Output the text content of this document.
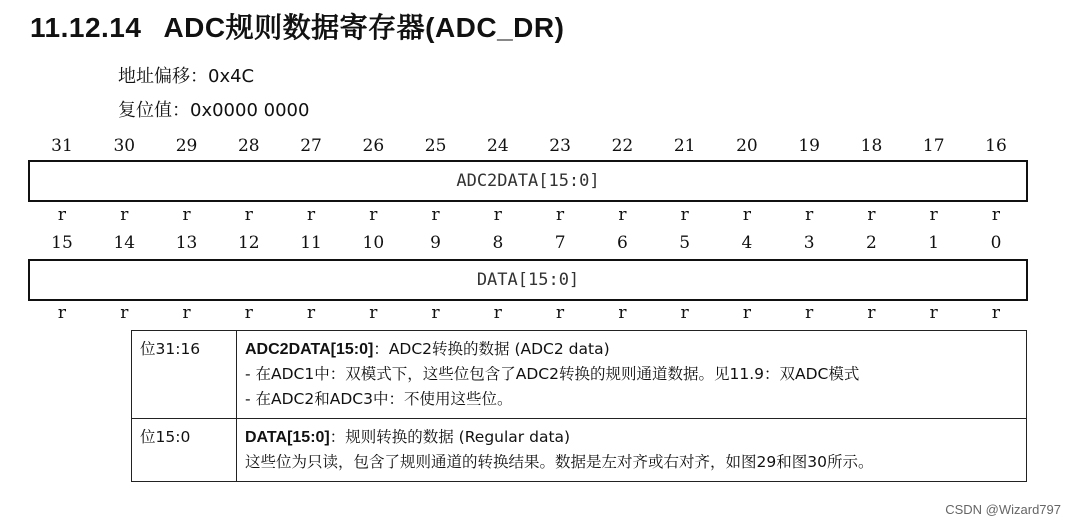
11.12.14 ADC规则数据寄存器(ADC_DR)
地址偏移：0x4C
复位值：0x0000 0000
31	30	29	28	27	26	25	24	23	22	21	20	19	18	17	16
ADC2DATA[15:0]
r	r	r	r	r	r	r	r	r	r	r	r	r	r	r	r
15	14	13	12	11	10	9	8	7	6	5	4	3	2	1	0
DATA[15:0]
r	r	r	r	r	r	r	r	r	r	r	r	r	r	r	r
位31:16	ADC2DATA[15:0]：ADC2转换的数据 (ADC2 data)
- 在ADC1中：双模式下，这些位包含了ADC2转换的规则通道数据。见11.9：双ADC模式
- 在ADC2和ADC3中：不使用这些位。

位15:0	DATA[15:0]：规则转换的数据 (Regular data)
这些位为只读，包含了规则通道的转换结果。数据是左对齐或右对齐，如图29和图30所示。
CSDN @Wizard797
